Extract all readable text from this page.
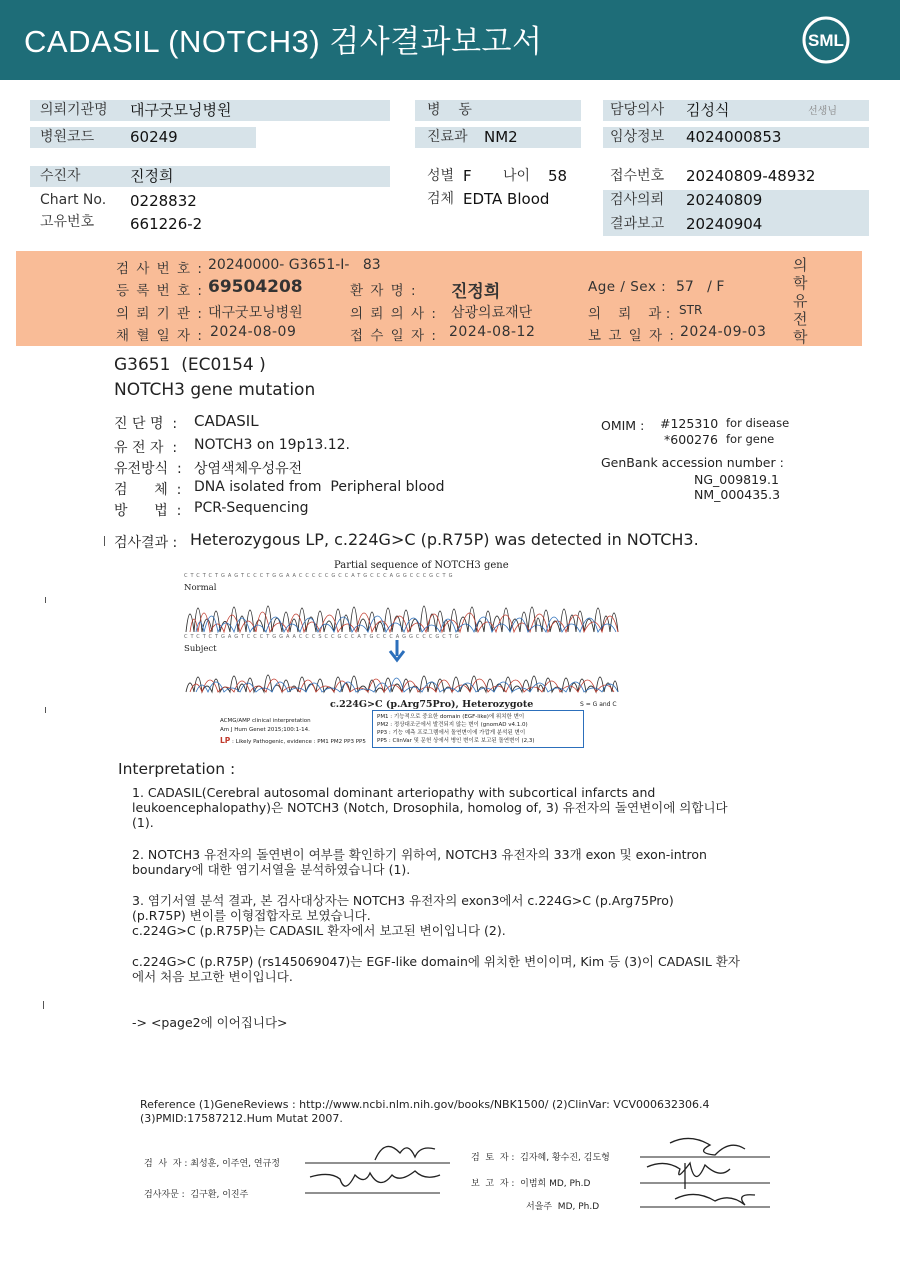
CADASIL (NOTCH3) 검사결과보고서	SML
의뢰기관명 대구굿모닝병원
병원코드 60249
병    동
진료과 NM2
담당의사 김성식	선생님
임상정보 4024000853
수진자	진정희
Chart No. 0228832
고유번호 661226-2
성별 F 나이 58
검체 EDTA Blood
접수번호 20240809-48932
검사의뢰 20240809
결과보고 20240904
검 사 번 호 : 20240000- G3651-I-   83
등 록 번 호 : 69504208	환 자 명 : 진정희	Age / Sex : 57   / F
의 뢰 기 관 : 대구굿모닝병원	의 뢰 의 사 : 삼광의료재단	의    뢰    과 : STR
채 혈 일 자 : 2024-08-09	접 수 일 자 : 2024-08-12	보 고 일 자 : 2024-09-03
의
학
유
전
학
G3651  (EC0154 )
NOTCH3 gene mutation
진 단 명  : CADASIL
유 전 자  : NOTCH3 on 19p13.12.
유전방식  : 상염색체우성유전
검      체  : DNA isolated from  Peripheral blood
방      법  : PCR-Sequencing
OMIM : #125310 for disease
*600276 for gene
GenBank accession number :
NG_009819.1
NM_000435.3
검사결과 : Heterozygous LP, c.224G>C (p.R75P) was detected in NOTCH3.
Partial sequence of NOTCH3 gene
CTCTCTGAGTCCCTGGAACCCCCGCCATGCCCAGGCCCGCTG
Normal
CTCTCTGAGTCCCTGGAACCCSCCGCCATGCCCAGGCCCGCTG
Subject
c.224G>C (p.Arg75Pro), Heterozygote	S = G and C
ACMG/AMP clinical interpretation
Am J Hum Genet 2015;100:1-14.
LP : Likely Pathogenic, evidence : PM1 PM2 PP3 PP5
PM1 : 기능적으로 중요한 domain (EGF-like)에 위치한 변이
PM2 : 정상대조군에서 발견되지 않는 변이 (gnomAD v4.1.0)
PP3 : 기능 예측 프로그램에서 돌연변이에 가깝게 분석된 변이
PP5 : ClinVar 및 문헌 상에서 병인 변이로 보고된 돌연변이 (2,3)
Interpretation :
1. CADASIL(Cerebral autosomal dominant arteriopathy with subcortical infarcts and
leukoencephalopathy)은 NOTCH3 (Notch, Drosophila, homolog of, 3) 유전자의 돌연변이에 의합니다
(1).
2. NOTCH3 유전자의 돌연변이 여부를 확인하기 위하여, NOTCH3 유전자의 33개 exon 및 exon-intron
boundary에 대한 염기서열을 분석하였습니다 (1).
3. 염기서열 분석 결과, 본 검사대상자는 NOTCH3 유전자의 exon3에서 c.224G>C (p.Arg75Pro)
(p.R75P) 변이를 이형접합자로 보였습니다.
c.224G>C (p.R75P)는 CADASIL 환자에서 보고된 변이입니다 (2).
c.224G>C (p.R75P) (rs145069047)는 EGF-like domain에 위치한 변이이며, Kim 등 (3)이 CADASIL 환자
에서 처음 보고한 변이입니다.
-> <page2에 이어집니다>
Reference (1)GeneReviews : http://www.ncbi.nlm.nih.gov/books/NBK1500/ (2)ClinVar: VCV000632306.4
(3)PMID:17587212.Hum Mutat 2007.
검  사  자 : 최성훈, 이주연, 연규정
검사자문 :  김구환, 이진주
검  토  자 :  김자혜, 황수진, 김도형
보  고  자 :  이범희 MD, Ph.D
서을주  MD, Ph.D
